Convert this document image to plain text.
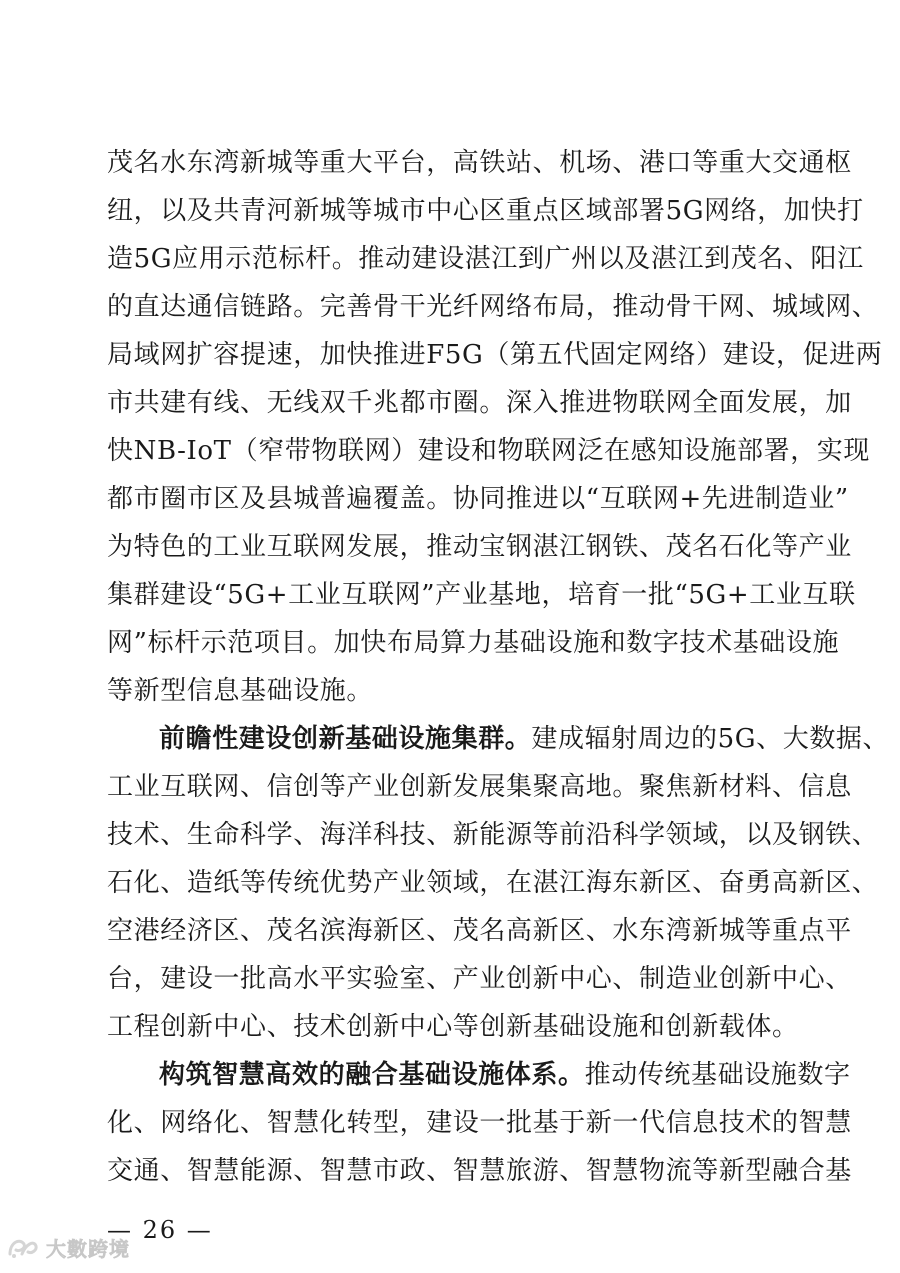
茂名水东湾新城等重大平台，高铁站、机场、港口等重大交通枢
纽，以及共青河新城等城市中心区重点区域部署5G网络，加快打
造5G应用示范标杆。推动建设湛江到广州以及湛江到茂名、阳江
的直达通信链路。完善骨干光纤网络布局，推动骨干网、城域网、
局域网扩容提速，加快推进F5G（第五代固定网络）建设，促进两
市共建有线、无线双千兆都市圈。深入推进物联网全面发展，加
快NB-IoT（窄带物联网）建设和物联网泛在感知设施部署，实现
都市圈市区及县城普遍覆盖。协同推进以“互联网+先进制造业”
为特色的工业互联网发展，推动宝钢湛江钢铁、茂名石化等产业
集群建设“5G+工业互联网”产业基地，培育一批“5G+工业互联
网”标杆示范项目。加快布局算力基础设施和数字技术基础设施
等新型信息基础设施。
前瞻性建设创新基础设施集群。建成辐射周边的5G、大数据、
工业互联网、信创等产业创新发展集聚高地。聚焦新材料、信息
技术、生命科学、海洋科技、新能源等前沿科学领域，以及钢铁、
石化、造纸等传统优势产业领域，在湛江海东新区、奋勇高新区、
空港经济区、茂名滨海新区、茂名高新区、水东湾新城等重点平
台，建设一批高水平实验室、产业创新中心、制造业创新中心、
工程创新中心、技术创新中心等创新基础设施和创新载体。
构筑智慧高效的融合基础设施体系。推动传统基础设施数字
化、网络化、智慧化转型，建设一批基于新一代信息技术的智慧
交通、智慧能源、智慧市政、智慧旅游、智慧物流等新型融合基
— 26 —
大數跨境
